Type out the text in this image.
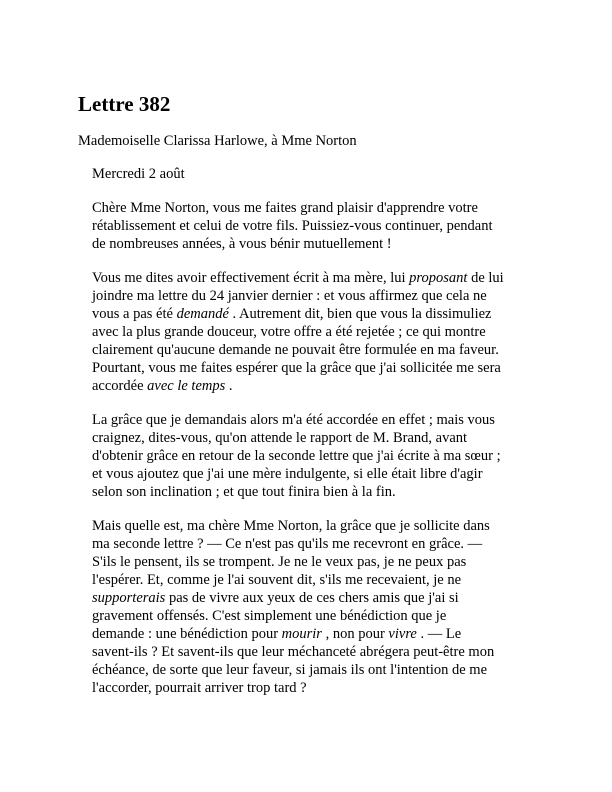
Lettre 382

Mademoiselle Clarissa Harlowe, à Mme Norton

Mercredi 2 août

Chère Mme Norton, vous me faites grand plaisir d'apprendre votre
rétablissement et celui de votre fils. Puissiez-vous continuer, pendant
de nombreuses années, à vous bénir mutuellement !

Vous me dites avoir effectivement écrit à ma mère, lui proposant de lui
joindre ma lettre du 24 janvier dernier : et vous affirmez que cela ne
vous a pas été demandé . Autrement dit, bien que vous la dissimuliez
avec la plus grande douceur, votre offre a été rejetée ; ce qui montre
clairement qu'aucune demande ne pouvait être formulée en ma faveur.
Pourtant, vous me faites espérer que la grâce que j'ai sollicitée me sera
accordée avec le temps .

La grâce que je demandais alors m'a été accordée en effet ; mais vous
craignez, dites-vous, qu'on attende le rapport de M. Brand, avant
d'obtenir grâce en retour de la seconde lettre que j'ai écrite à ma sœur ;
et vous ajoutez que j'ai une mère indulgente, si elle était libre d'agir
selon son inclination ; et que tout finira bien à la fin.

Mais quelle est, ma chère Mme Norton, la grâce que je sollicite dans
ma seconde lettre ? — Ce n'est pas qu'ils me recevront en grâce. —
S'ils le pensent, ils se trompent. Je ne le veux pas, je ne peux pas
l'espérer. Et, comme je l'ai souvent dit, s'ils me recevaient, je ne
supporterais pas de vivre aux yeux de ces chers amis que j'ai si
gravement offensés. C'est simplement une bénédiction que je
demande : une bénédiction pour mourir , non pour vivre . — Le
savent-ils ? Et savent-ils que leur méchanceté abrégera peut-être mon
échéance, de sorte que leur faveur, si jamais ils ont l'intention de me
l'accorder, pourrait arriver trop tard ?
